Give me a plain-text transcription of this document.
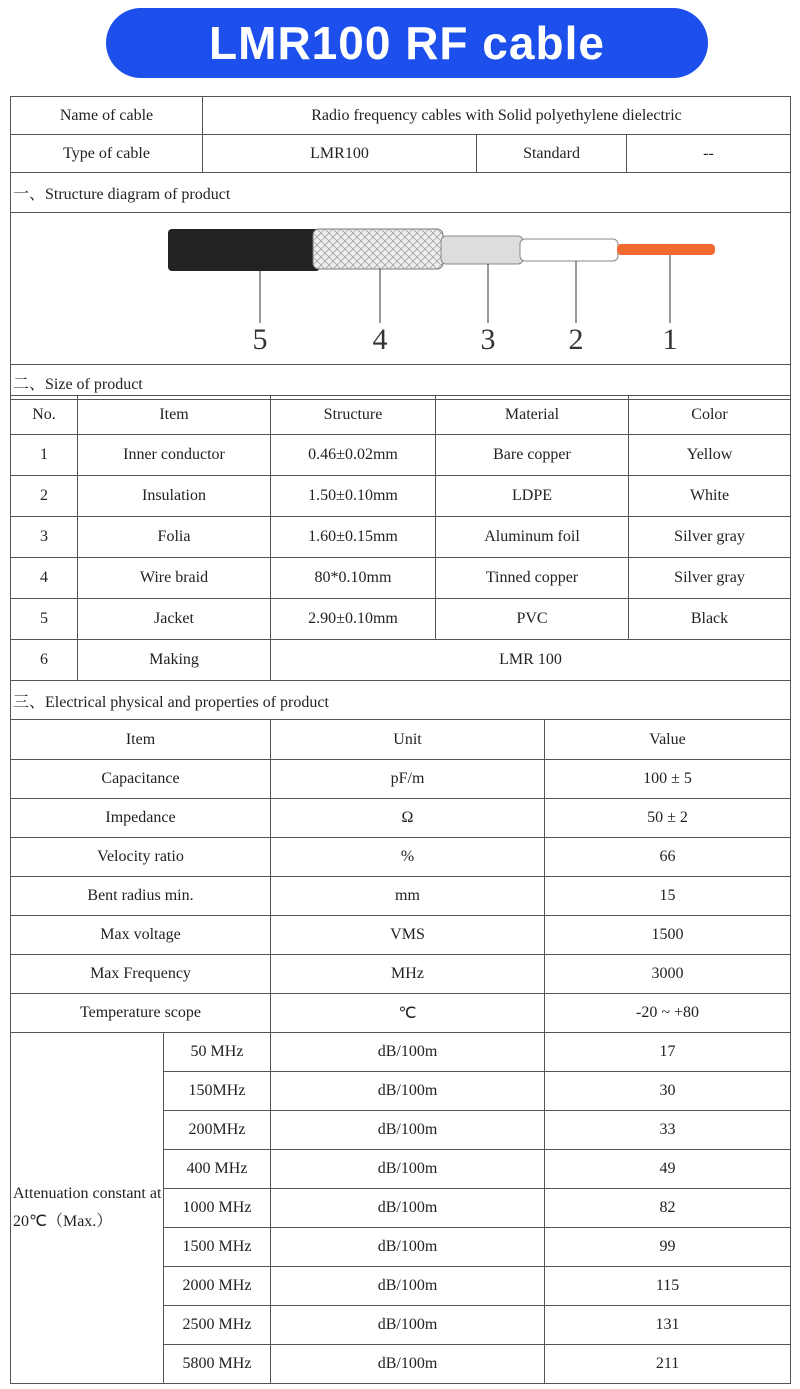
LMR100 RF cable
Name of cable	Radio frequency cables with Solid polyethylene dielectric		
Type of cable	LMR100	Standard	--
一、Structure diagram of product			

5 4 3 2 1			

二、Size of product			
No.	Item	Structure	Material	Color
1	Inner conductor	0.46±0.02mm	Bare copper	Yellow
2	Insulation	1.50±0.10mm	LDPE	White
3	Folia	1.60±0.15mm	Aluminum foil	Silver gray
4	Wire braid	80*0.10mm	Tinned copper	Silver gray
5	Jacket	2.90±0.10mm	PVC	Black
6	Making	LMR 100		
三、Electrical physical and properties of product			
Item		Unit	Value
Capacitance		pF/m	100 ± 5
Impedance		Ω	50 ± 2
Velocity ratio		%	66
Bent radius min.		mm	15
Max voltage		VMS	1500
Max Frequency		MHz	3000
Temperature scope		℃	-20 ~ +80
Attenuation constant at 20℃（Max.）	50 MHz	dB/100m	17
	150MHz	dB/100m	30
	200MHz	dB/100m	33
	400 MHz	dB/100m	49
	1000 MHz	dB/100m	82
	1500 MHz	dB/100m	99
	2000 MHz	dB/100m	115
	2500 MHz	dB/100m	131
	5800 MHz	dB/100m	211
